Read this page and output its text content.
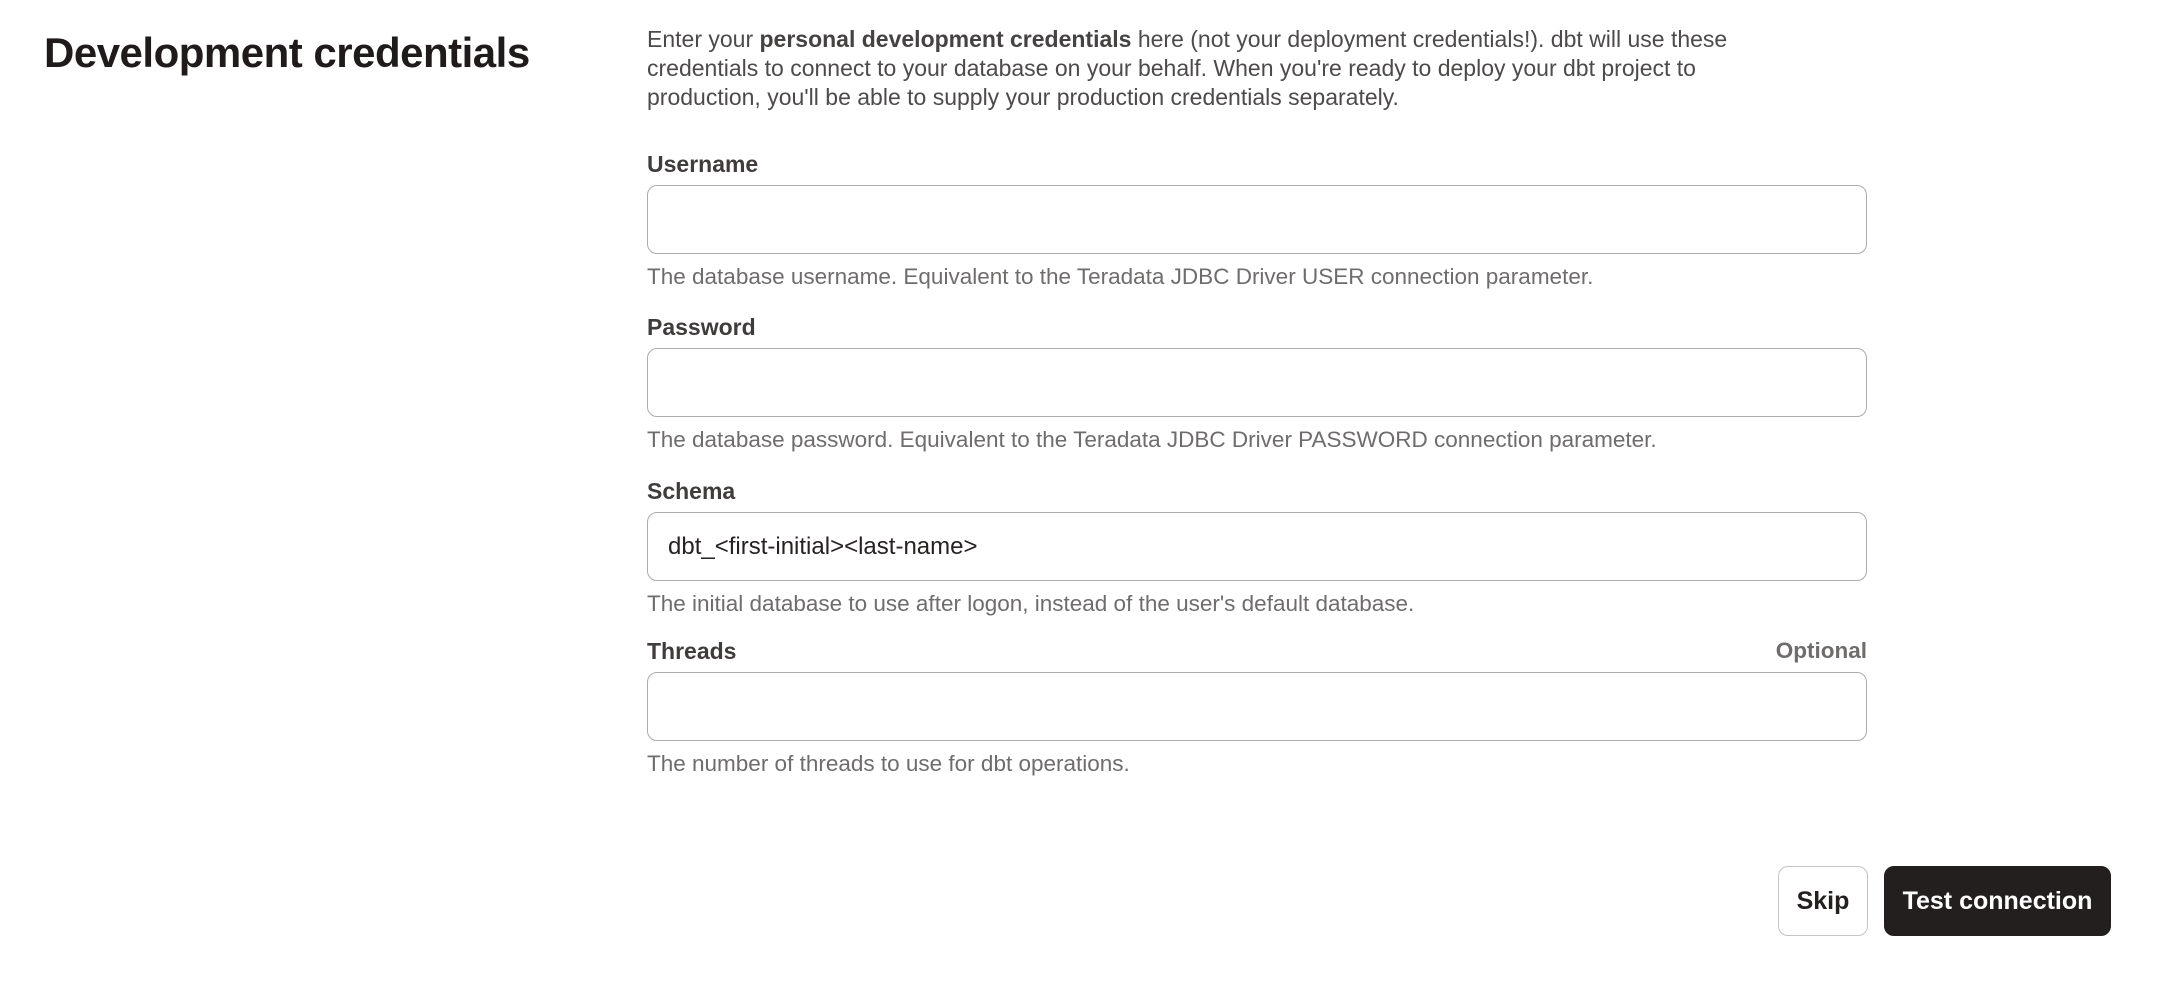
Development credentials	Enter your personal development credentials here (not your deployment credentials!). dbt will use these credentials to connect to your database on your behalf. When you're ready to deploy your dbt project to production, you'll be able to supply your production credentials separately.

Username
The database username. Equivalent to the Teradata JDBC Driver USER connection parameter.
Password
The database password. Equivalent to the Teradata JDBC Driver PASSWORD connection parameter.
Schema
dbt_<first-initial><last-name>
The initial database to use after logon, instead of the user's default database.
Optional
Threads
The number of threads to use for dbt operations.
Skip	Test connection
